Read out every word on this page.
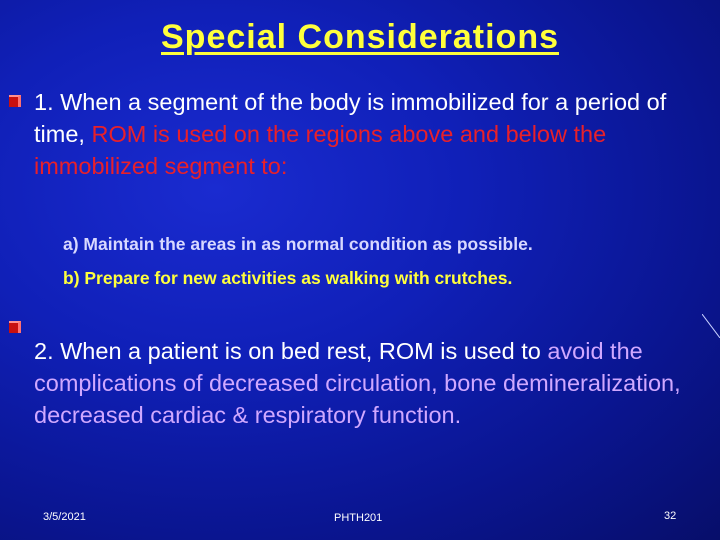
Special Considerations
1. When a segment of the body is immobilized for a period of time, ROM is used on the regions above and below the immobilized segment to:
a) Maintain the areas in as normal condition as possible.
b) Prepare for new activities as walking with crutches.
2. When a patient is on bed rest, ROM is used to avoid the complications of decreased circulation, bone demineralization, decreased cardiac & respiratory function.
3/5/2021	PHTH201	32
